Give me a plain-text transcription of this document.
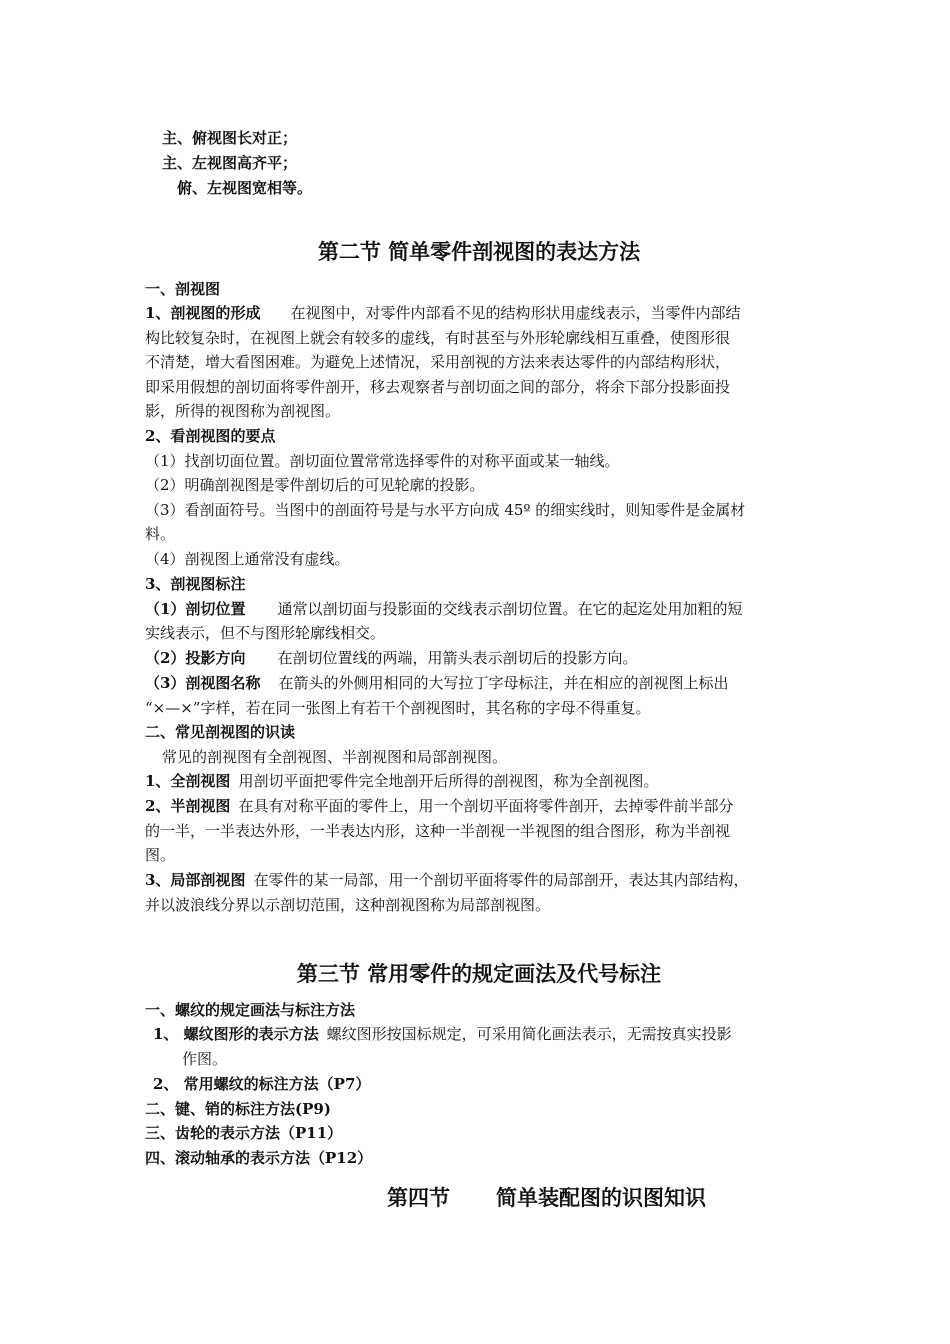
主、俯视图长对正；
主、左视图高齐平；
俯、左视图宽相等。
第二节 简单零件剖视图的表达方法
一、剖视图
1、剖视图的形成 在视图中，对零件内部看不见的结构形状用虚线表示，当零件内部结
构比较复杂时，在视图上就会有较多的虚线，有时甚至与外形轮廓线相互重叠，使图形很
不清楚，增大看图困难。为避免上述情况，采用剖视的方法来表达零件的内部结构形状，
即采用假想的剖切面将零件剖开，移去观察者与剖切面之间的部分，将余下部分投影面投
影，所得的视图称为剖视图。
2、看剖视图的要点
（1）找剖切面位置。剖切面位置常常选择零件的对称平面或某一轴线。
（2）明确剖视图是零件剖切后的可见轮廓的投影。
（3）看剖面符号。当图中的剖面符号是与水平方向成 45º 的细实线时，则知零件是金属材
料。
（4）剖视图上通常没有虚线。
3、剖视图标注
（1）剖切位置 通常以剖切面与投影面的交线表示剖切位置。在它的起迄处用加粗的短
实线表示，但不与图形轮廓线相交。
（2）投影方向 在剖切位置线的两端，用箭头表示剖切后的投影方向。
（3）剖视图名称 在箭头的外侧用相同的大写拉丁字母标注，并在相应的剖视图上标出
“×—×”字样，若在同一张图上有若干个剖视图时，其名称的字母不得重复。
二、常见剖视图的识读
常见的剖视图有全剖视图、半剖视图和局部剖视图。
1、全剖视图 用剖切平面把零件完全地剖开后所得的剖视图，称为全剖视图。
2、半剖视图 在具有对称平面的零件上，用一个剖切平面将零件剖开，去掉零件前半部分
的一半，一半表达外形，一半表达内形，这种一半剖视一半视图的组合图形，称为半剖视
图。
3、局部剖视图 在零件的某一局部，用一个剖切平面将零件的局部剖开，表达其内部结构，
并以波浪线分界以示剖切范围，这种剖视图称为局部剖视图。
第三节 常用零件的规定画法及代号标注
一、螺纹的规定画法与标注方法
1、 螺纹图形的表示方法 螺纹图形按国标规定，可采用简化画法表示，无需按真实投影
作图。
2、 常用螺纹的标注方法（P7）
二、键、销的标注方法(P9)
三、齿轮的表示方法（P11）
四、滚动轴承的表示方法（P12）
第四节 简单装配图的识图知识
